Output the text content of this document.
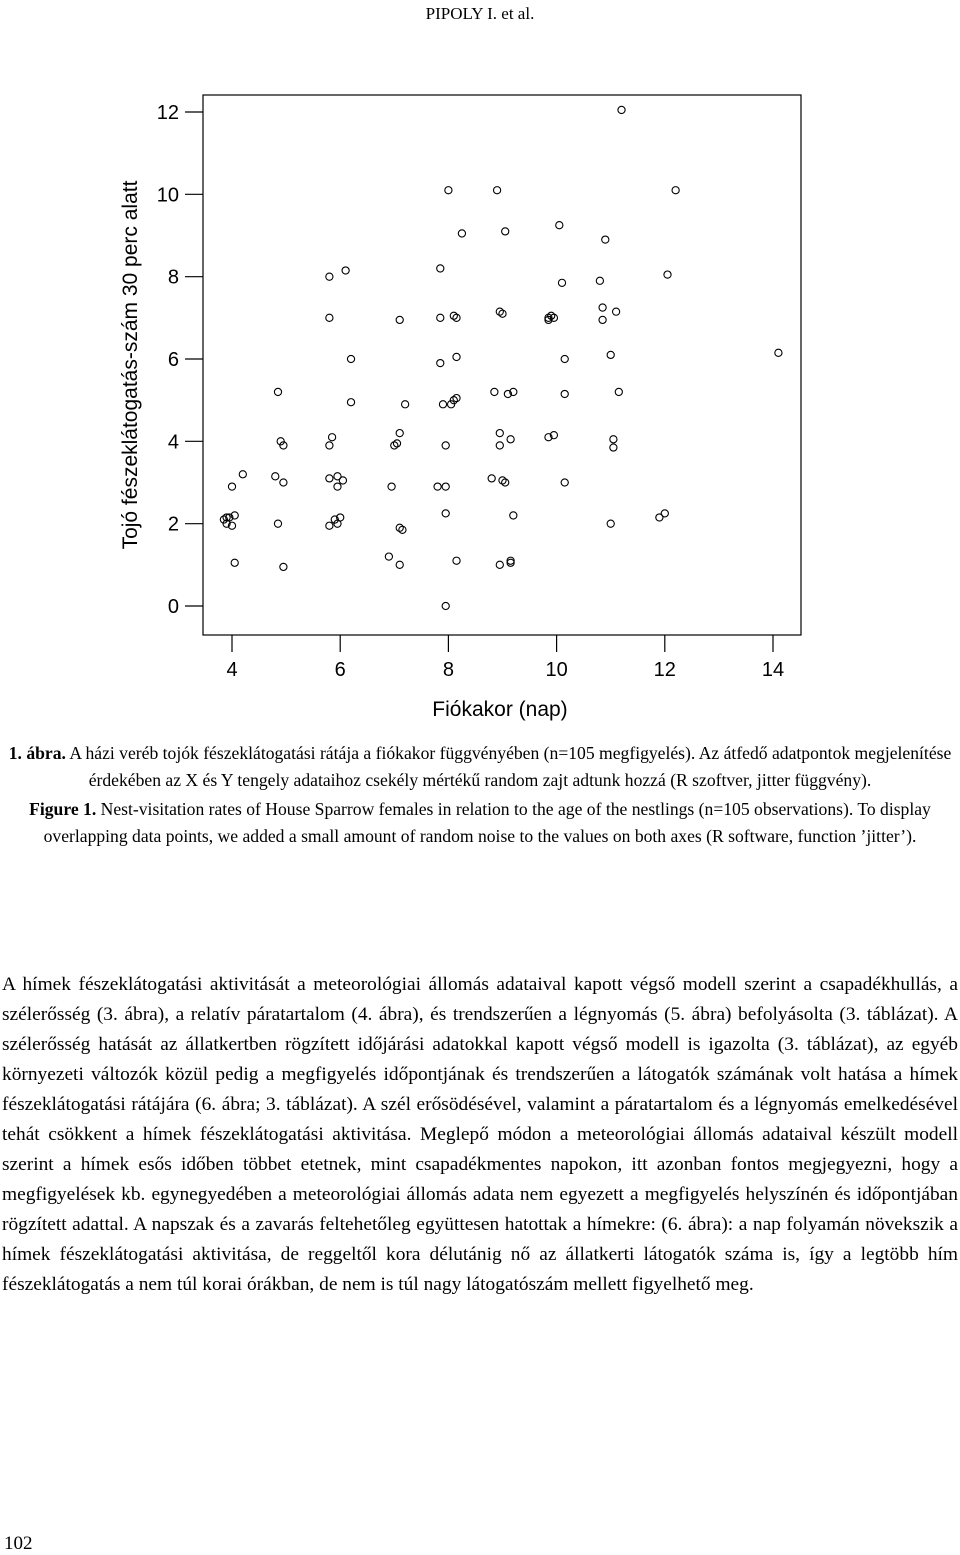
PIPOLY I. et al.
0
2
4
6
8
10
12
4	6	8	10	12	14
Fiókakor (nap)
Tojó fészeklátogatás-szám 30 perc alatt

1. ábra. A házi veréb tojók fészeklátogatási rátája a fiókakor függvényében (n=105 megfigyelés). Az átfedő adatpontok megjelenítése érdekében az X és Y tengely adataihoz csekély mértékű random zajt adtunk hozzá (R szoftver, jitter függvény).

Figure 1. Nest-visitation rates of House Sparrow females in relation to the age of the nestlings (n=105 observations). To display overlapping data points, we added a small amount of random noise to the values on both axes (R software, function ’jitter’).

A hímek fészeklátogatási aktivitását a meteorológiai állomás adataival kapott végső modell szerint a csapadékhullás, a szélerősség (3. ábra), a relatív páratartalom (4. ábra), és trendszerűen a légnyomás (5. ábra) befolyásolta (3. táblázat). A szélerősség hatását az állatkertben rögzített időjárási adatokkal kapott végső modell is igazolta (3. táblázat), az egyéb környezeti változók közül pedig a megfigyelés időpontjának és trendszerűen a látogatók számának volt hatása a hímek fészeklátogatási rátájára (6. ábra; 3. táblázat). A szél erősödésével, valamint a páratartalom és a légnyomás emelkedésével tehát csökkent a hímek fészeklátogatási aktivitása. Meglepő módon a meteorológiai állomás adataival készült modell szerint a hímek esős időben többet etetnek, mint csapadékmentes napokon, itt azonban fontos megjegyezni, hogy a megfigyelések kb. egynegyedében a meteorológiai állomás adata nem egyezett a megfigyelés helyszínén és időpontjában rögzített adattal. A napszak és a zavarás feltehetőleg együttesen hatottak a hímekre: (6. ábra): a nap folyamán növekszik a hímek fészeklátogatási aktivitása, de reggeltől kora délutánig nő az állatkerti látogatók száma is, így a legtöbb hím fészeklátogatás a nem túl korai órákban, de nem is túl nagy látogatószám mellett figyelhető meg.

102
